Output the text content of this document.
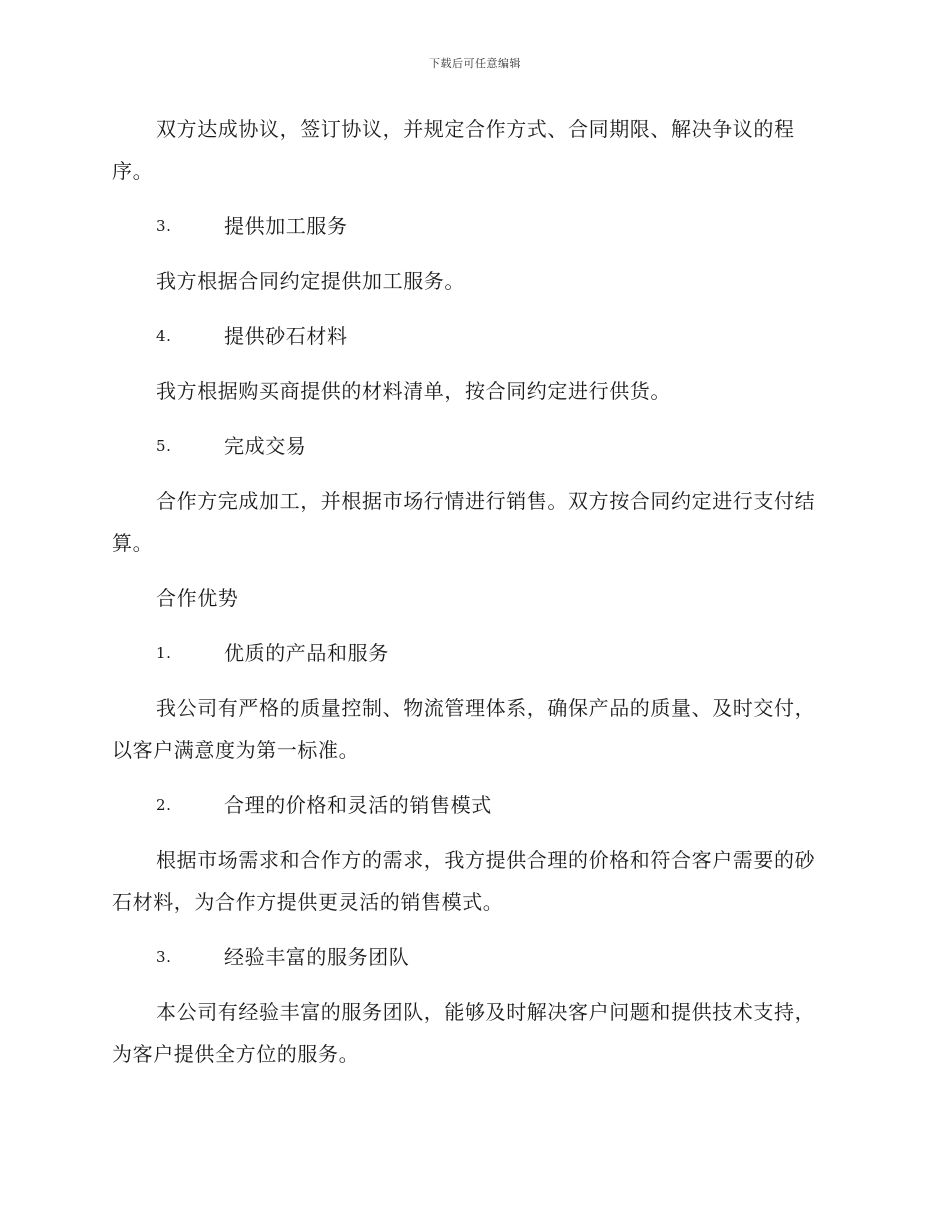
下载后可任意编辑

双方达成协议，签订协议，并规定合作方式、合同期限、解决争议的程序。

3.	提供加工服务

我方根据合同约定提供加工服务。

4.	提供砂石材料

我方根据购买商提供的材料清单，按合同约定进行供货。

5.	完成交易

合作方完成加工，并根据市场行情进行销售。双方按合同约定进行支付结算。

合作优势
1.	优质的产品和服务

我公司有严格的质量控制、物流管理体系，确保产品的质量、及时交付，以客户满意度为第一标准。

2.	合理的价格和灵活的销售模式

根据市场需求和合作方的需求，我方提供合理的价格和符合客户需要的砂石材料，为合作方提供更灵活的销售模式。

3.	经验丰富的服务团队

本公司有经验丰富的服务团队，能够及时解决客户问题和提供技术支持，为客户提供全方位的服务。
